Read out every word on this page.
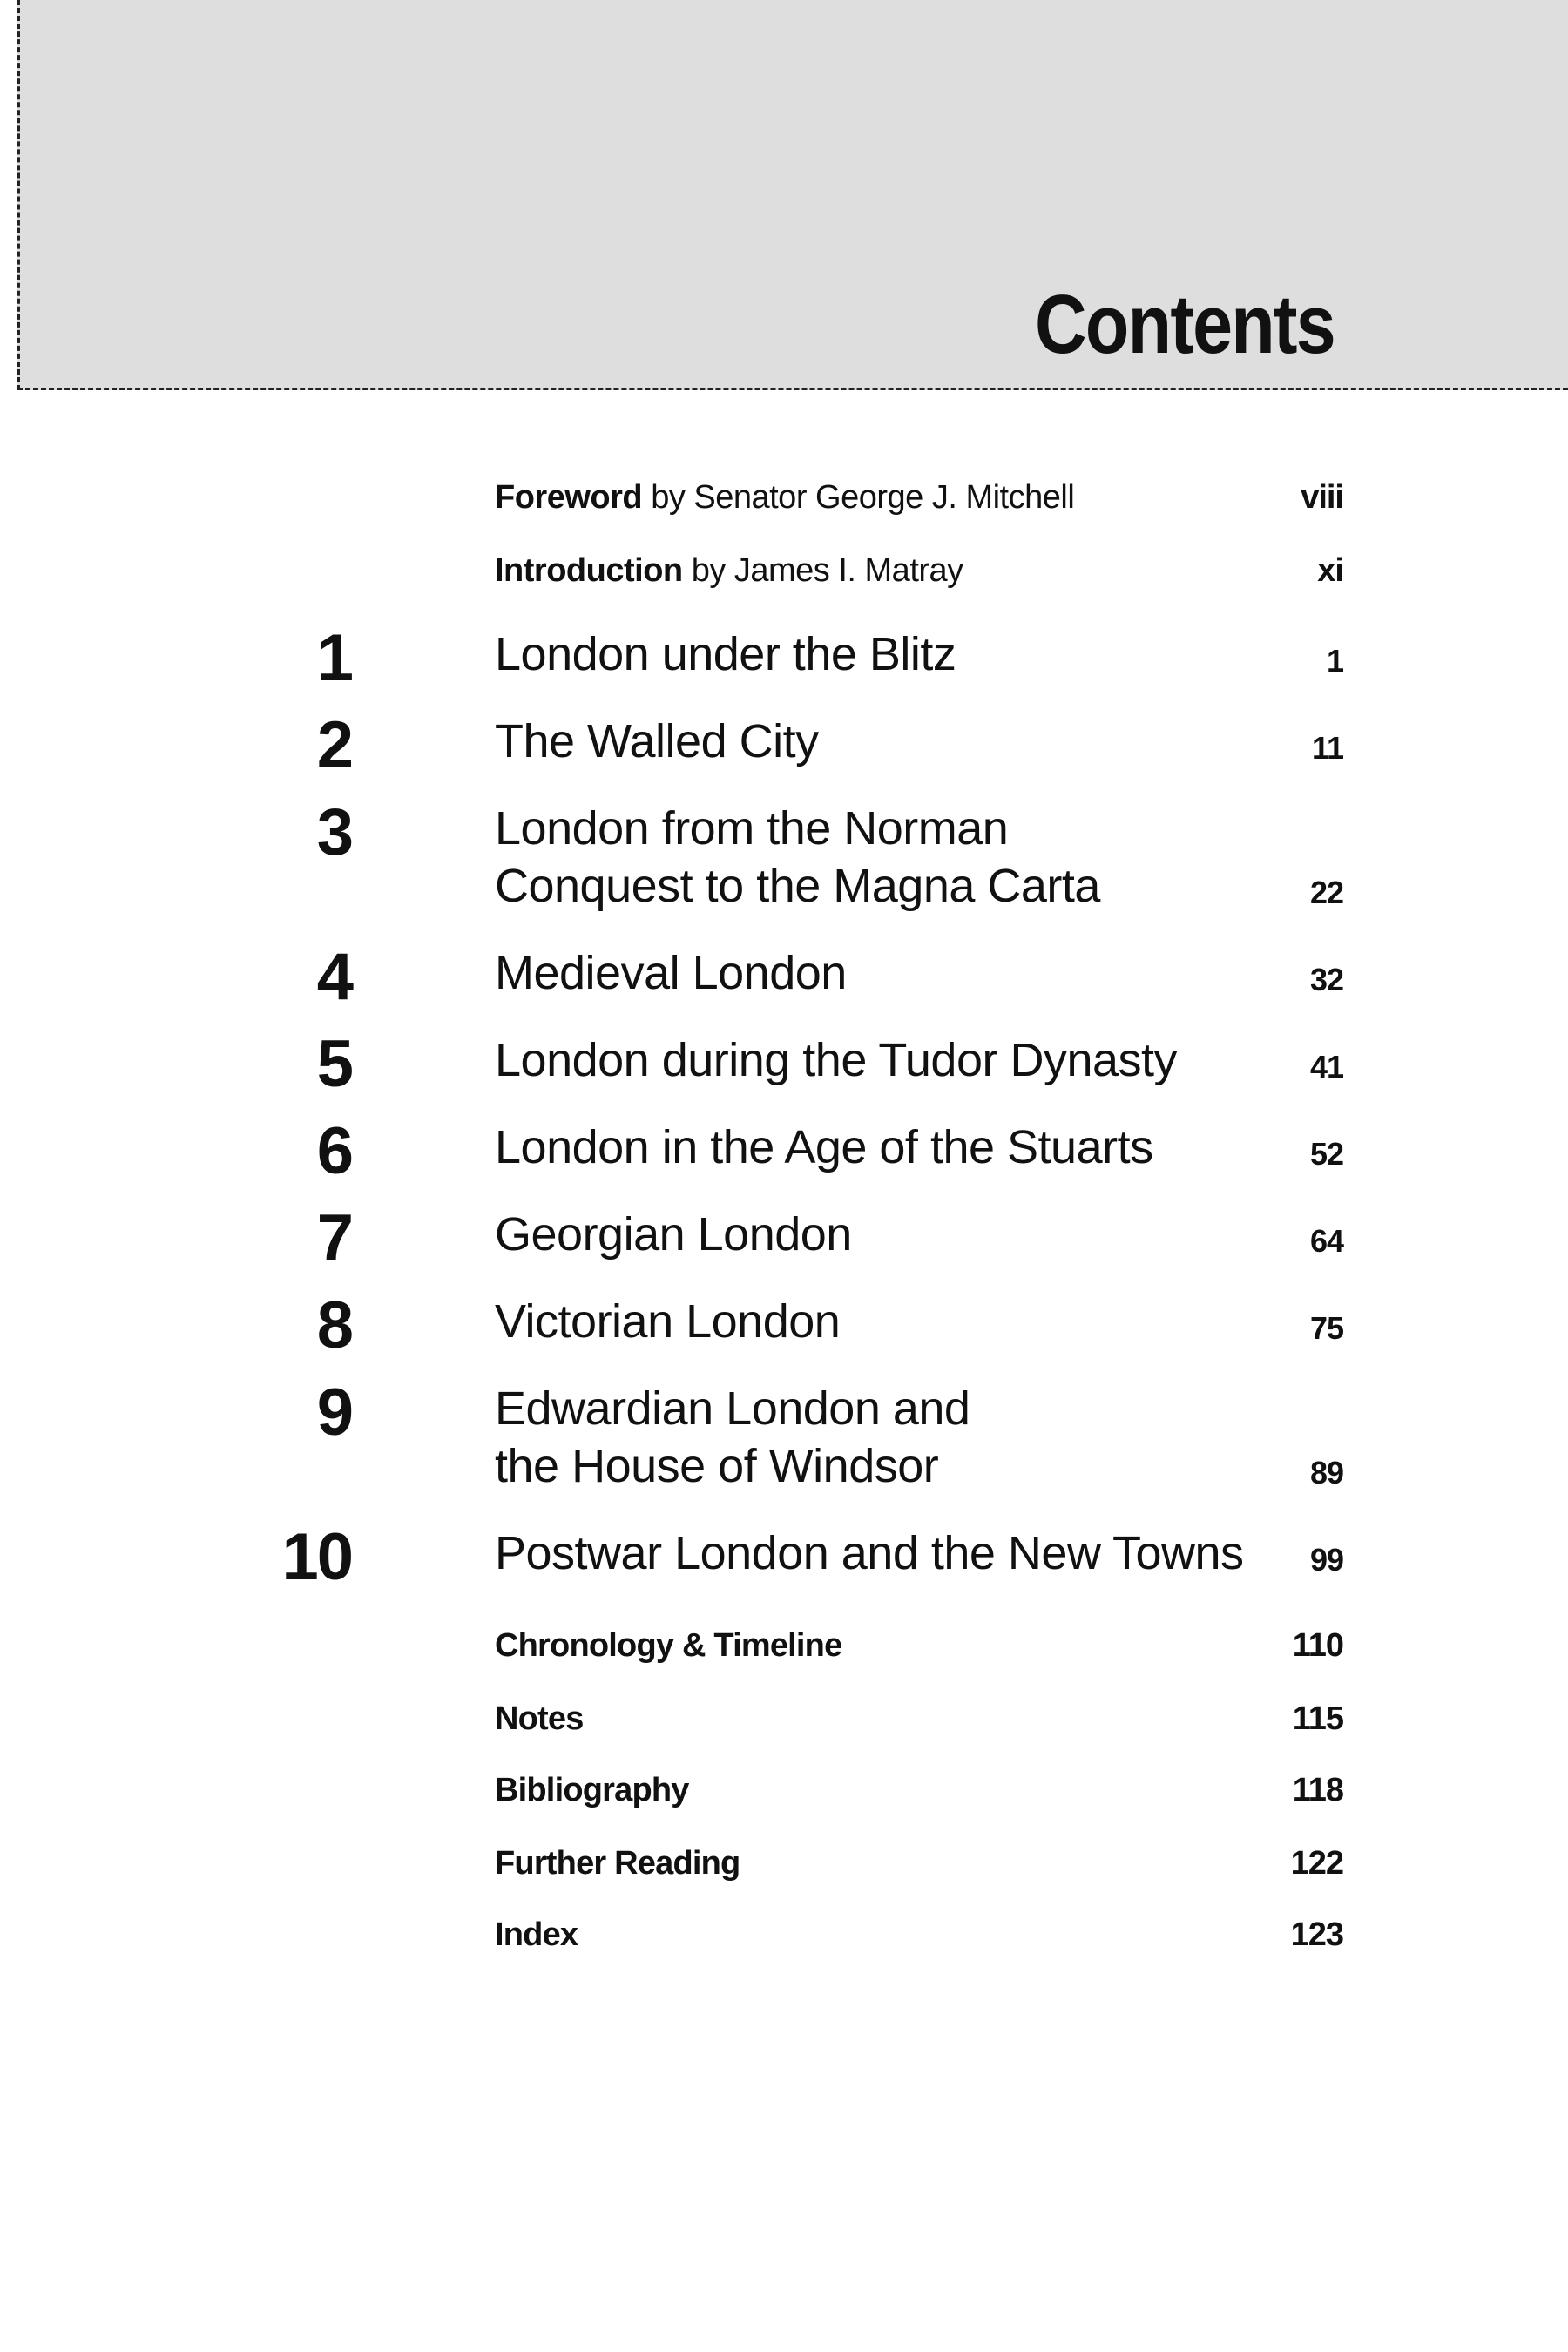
Contents
Foreword by Senator George J. Mitchell	viii
Introduction by James I. Matray	xi
1	London under the Blitz	1
2	The Walled City	11
3	London from the Norman
Conquest to the Magna Carta	22
4	Medieval London	32
5	London during the Tudor Dynasty	41
6	London in the Age of the Stuarts	52
7	Georgian London	64
8	Victorian London	75
9	Edwardian London and
the House of Windsor	89
10	Postwar London and the New Towns 99
Chronology & Timeline	110
Notes	115
Bibliography	118
Further Reading	122
Index	123
